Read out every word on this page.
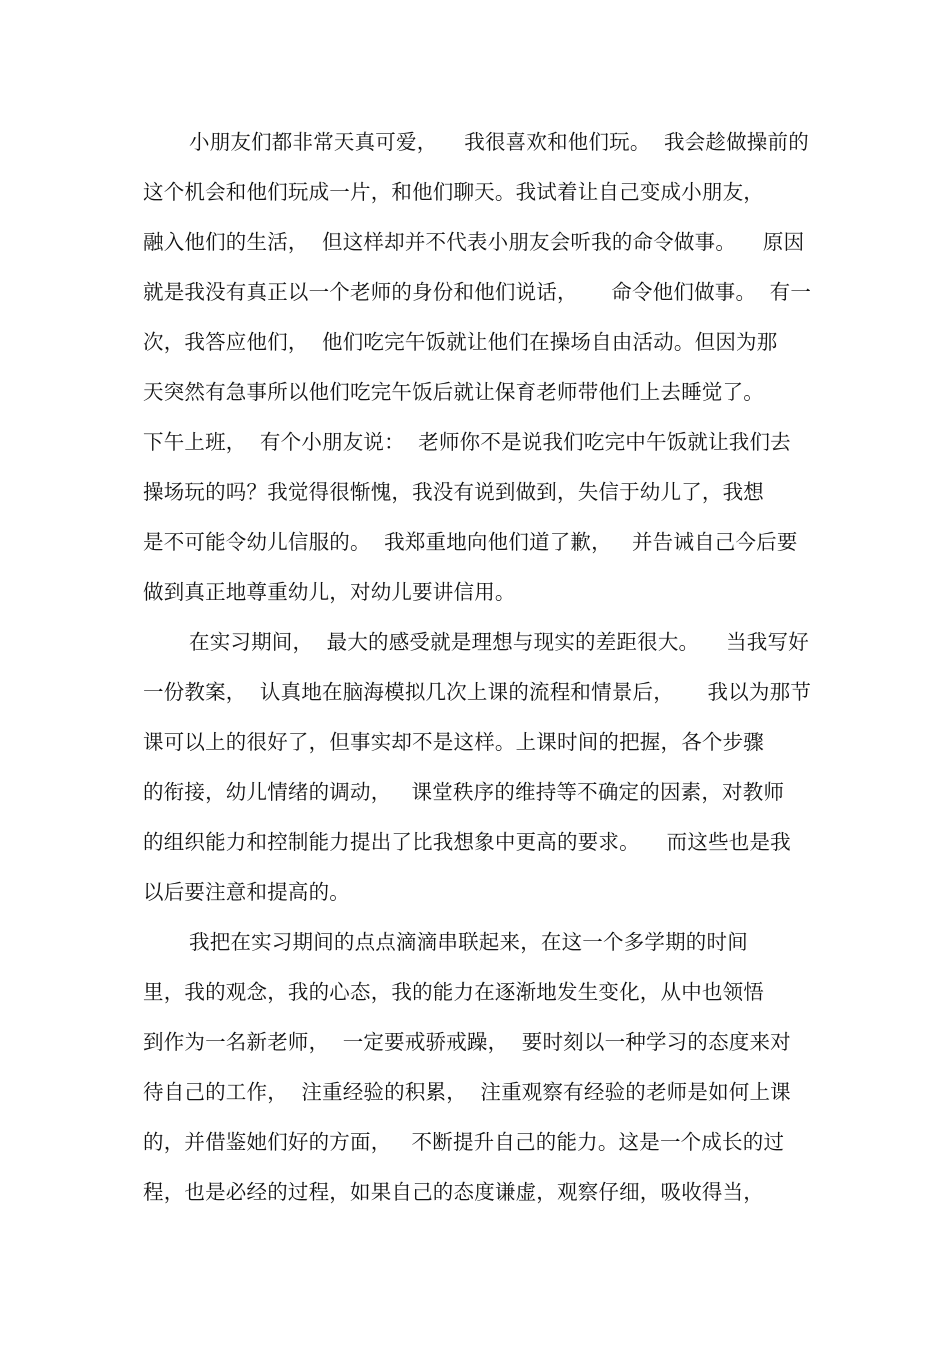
小朋友们都非常天真可爱，    我很喜欢和他们玩。  我会趁做操前的

这个机会和他们玩成一片，和他们聊天。我试着让自己变成小朋友，

融入他们的生活，  但这样却并不代表小朋友会听我的命令做事。    原因

就是我没有真正以一个老师的身份和他们说话，     命令他们做事。  有一

次，我答应他们，  他们吃完午饭就让他们在操场自由活动。但因为那

天突然有急事所以他们吃完午饭后就让保育老师带他们上去睡觉了。

下午上班，  有个小朋友说：  老师你不是说我们吃完中午饭就让我们去

操场玩的吗？我觉得很惭愧，我没有说到做到，失信于幼儿了，我想

是不可能令幼儿信服的。  我郑重地向他们道了歉，   并告诫自己今后要

做到真正地尊重幼儿，对幼儿要讲信用。

在实习期间，  最大的感受就是理想与现实的差距很大。    当我写好

一份教案，  认真地在脑海模拟几次上课的流程和情景后，     我以为那节

课可以上的很好了，但事实却不是这样。上课时间的把握，各个步骤

的衔接，幼儿情绪的调动，   课堂秩序的维持等不确定的因素，对教师

的组织能力和控制能力提出了比我想象中更高的要求。    而这些也是我

以后要注意和提高的。

我把在实习期间的点点滴滴串联起来，在这一个多学期的时间

里，我的观念，我的心态，我的能力在逐渐地发生变化，从中也领悟

到作为一名新老师，  一定要戒骄戒躁，  要时刻以一种学习的态度来对

待自己的工作，  注重经验的积累，  注重观察有经验的老师是如何上课

的，并借鉴她们好的方面，   不断提升自己的能力。这是一个成长的过

程，也是必经的过程，如果自己的态度谦虚，观察仔细，吸收得当，
